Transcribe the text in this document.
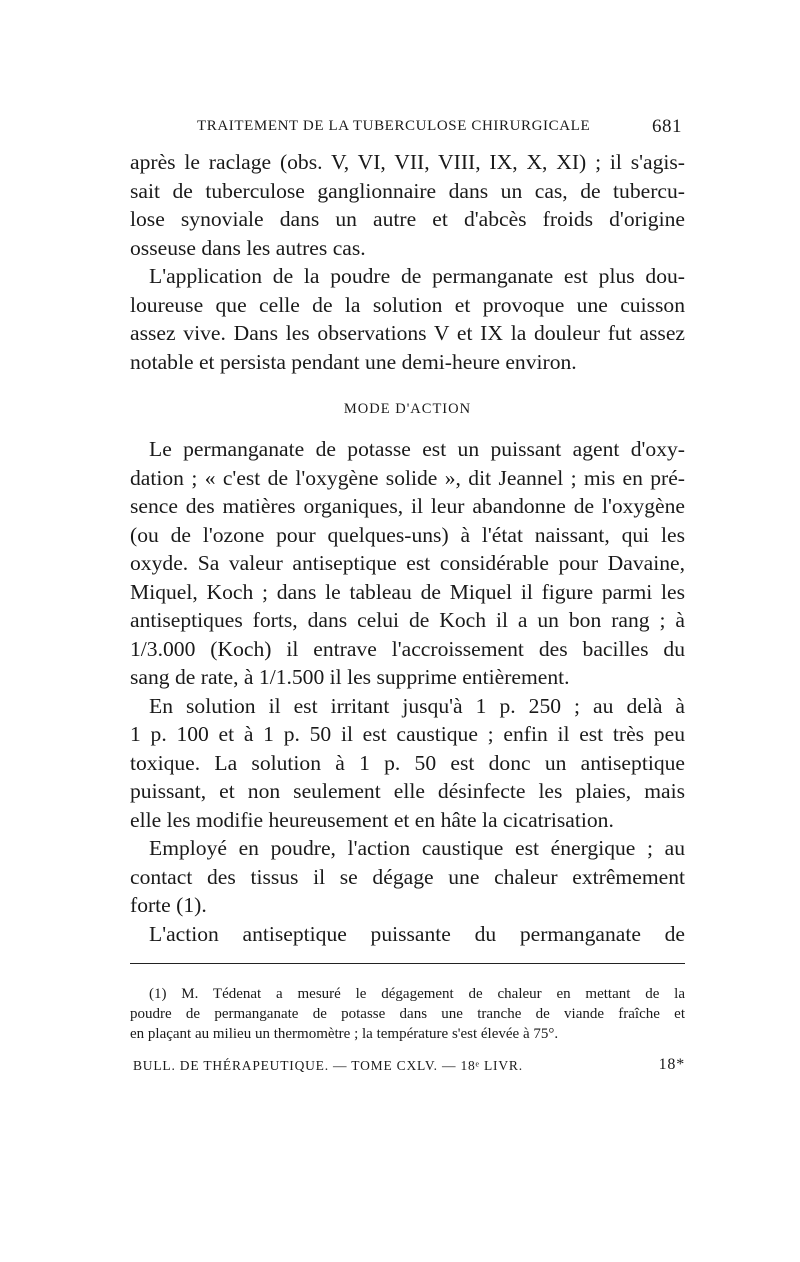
TRAITEMENT DE LA TUBERCULOSE CHIRURGICALE	681
après le raclage (obs. V, VI, VII, VIII, IX, X, XI) ; il s'agis-
sait de tuberculose ganglionnaire dans un cas, de tubercu-
lose synoviale dans un autre et d'abcès froids d'origine
osseuse dans les autres cas.
L'application de la poudre de permanganate est plus dou-
loureuse que celle de la solution et provoque une cuisson
assez vive. Dans les observations V et IX la douleur fut assez
notable et persista pendant une demi-heure environ.
MODE D'ACTION
Le permanganate de potasse est un puissant agent d'oxy-
dation ; « c'est de l'oxygène solide », dit Jeannel ; mis en pré-
sence des matières organiques, il leur abandonne de l'oxygène
(ou de l'ozone pour quelques-uns) à l'état naissant, qui les
oxyde. Sa valeur antiseptique est considérable pour Davaine,
Miquel, Koch ; dans le tableau de Miquel il figure parmi les
antiseptiques forts, dans celui de Koch il a un bon rang ; à
1/3.000 (Koch) il entrave l'accroissement des bacilles du
sang de rate, à 1/1.500 il les supprime entièrement.
En solution il est irritant jusqu'à 1 p. 250 ; au delà à
1 p. 100 et à 1 p. 50 il est caustique ; enfin il est très peu
toxique. La solution à 1 p. 50 est donc un antiseptique
puissant, et non seulement elle désinfecte les plaies, mais
elle les modifie heureusement et en hâte la cicatrisation.
Employé en poudre, l'action caustique est énergique ; au
contact des tissus il se dégage une chaleur extrêmement
forte (1).
L'action antiseptique puissante du permanganate de
(1) M. Tédenat a mesuré le dégagement de chaleur en mettant de la
poudre de permanganate de potasse dans une tranche de viande fraîche et
en plaçant au milieu un thermomètre ; la température s'est élevée à 75°.
BULL. DE THÉRAPEUTIQUE. — TOME CXLV. — 18ᵉ LIVR.	18*
